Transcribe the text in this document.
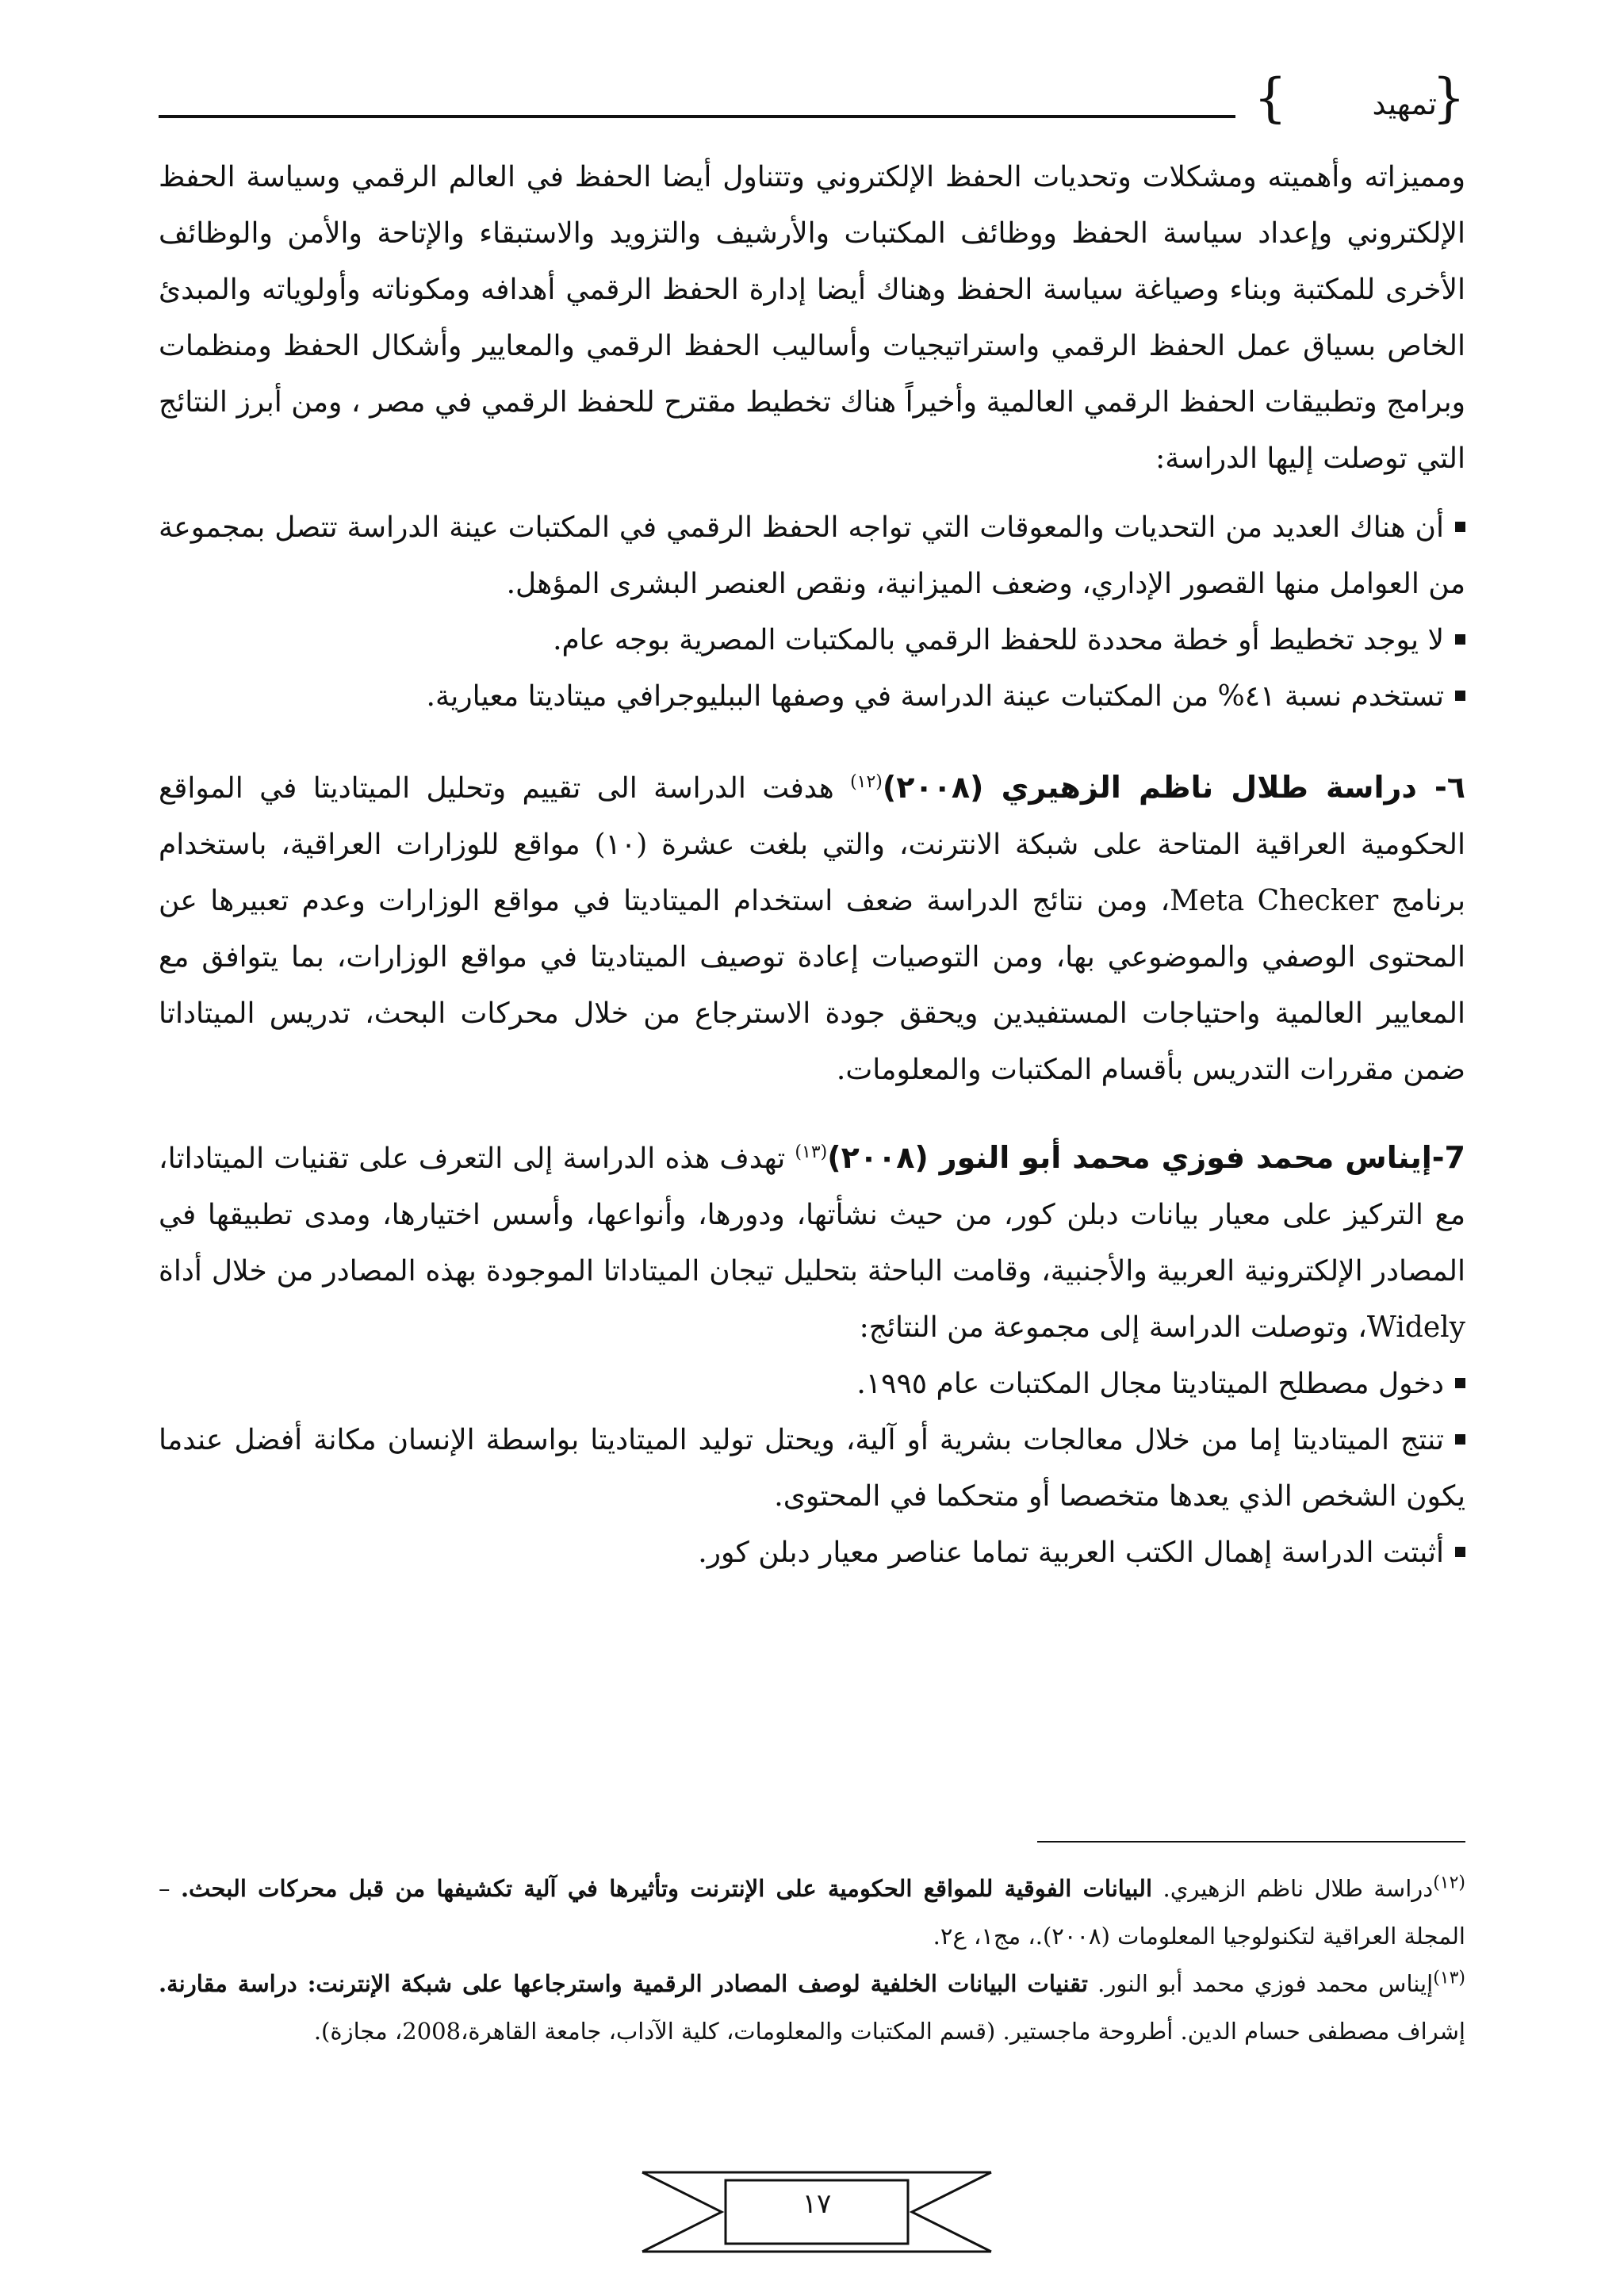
{
تمهيد
}

ومميزاته وأهميته ومشكلات وتحديات الحفظ الإلكتروني وتتناول أيضا الحفظ في العالم الرقمي وسياسة الحفظ الإلكتروني وإعداد سياسة الحفظ ووظائف المكتبات والأرشيف والتزويد والاستبقاء والإتاحة والأمن والوظائف الأخرى للمكتبة وبناء وصياغة سياسة الحفظ وهناك أيضا إدارة الحفظ الرقمي أهدافه ومكوناته وأولوياته والمبدئ الخاص بسياق عمل الحفظ الرقمي واستراتيجيات وأساليب الحفظ الرقمي والمعايير وأشكال الحفظ ومنظمات وبرامج وتطبيقات الحفظ الرقمي العالمية وأخيراً هناك تخطيط مقترح للحفظ الرقمي في مصر ، ومن أبرز النتائج التي توصلت إليها الدراسة:

أن هناك العديد من التحديات والمعوقات التي تواجه الحفظ الرقمي في المكتبات عينة الدراسة تتصل بمجموعة من العوامل منها القصور الإداري، وضعف الميزانية، ونقص العنصر البشرى المؤهل.
لا يوجد تخطيط أو خطة محددة للحفظ الرقمي بالمكتبات المصرية بوجه عام.
تستخدم نسبة ٤١% من المكتبات عينة الدراسة في وصفها الببليوجرافي ميتاديتا معيارية.

٦- دراسة طلال ناظم الزهيري (٢٠٠٨)$^{(١٢)}$ هدفت الدراسة الى تقييم وتحليل الميتاديتا في المواقع الحكومية العراقية المتاحة على شبكة الانترنت، والتي بلغت عشرة (١٠) مواقع للوزارات العراقية، باستخدام برنامج Meta Checker، ومن نتائج الدراسة ضعف استخدام الميتاديتا في مواقع الوزارات وعدم تعبيرها عن المحتوى الوصفي والموضوعي بها، ومن التوصيات إعادة توصيف الميتاديتا في مواقع الوزارات، بما يتوافق مع المعايير العالمية واحتياجات المستفيدين ويحقق جودة الاسترجاع من خلال محركات البحث، تدريس الميتاداتا ضمن مقررات التدريس بأقسام المكتبات والمعلومات.

7-إيناس محمد فوزي محمد أبو النور (٢٠٠٨)$^{(١٣)}$ تهدف هذه الدراسة إلى التعرف على تقنيات الميتاداتا، مع التركيز على معيار بيانات دبلن كور، من حيث نشأتها، ودورها، وأنواعها، وأسس اختيارها، ومدى تطبيقها في المصادر الإلكترونية العربية والأجنبية، وقامت الباحثة بتحليل تيجان الميتاداتا الموجودة بهذه المصادر من خلال أداة Widely، وتوصلت الدراسة إلى مجموعة من النتائج:

دخول مصطلح الميتاديتا مجال المكتبات عام ١٩٩٥.
تنتج الميتاديتا إما من خلال معالجات بشرية أو آلية، ويحتل توليد الميتاديتا بواسطة الإنسان مكانة أفضل عندما يكون الشخص الذي يعدها متخصصا أو متحكما في المحتوى.
أثبتت الدراسة إهمال الكتب العربية تماما عناصر معيار دبلن كور.

$^{(١٢)}$دراسة طلال ناظم الزهيري. البيانات الفوقية للمواقع الحكومية على الإنترنت وتأثيرها في آلية تكشيفها من قبل محركات البحث. – المجلة العراقية لتكنولوجيا المعلومات (٢٠٠٨).، مج١، ع٢.

$^{(١٣)}$إيناس محمد فوزي محمد أبو النور. تقنيات البيانات الخلفية لوصف المصادر الرقمية واسترجاعها على شبكة الإنترنت: دراسة مقارنة. إشراف مصطفى حسام الدين. أطروحة ماجستير. (قسم المكتبات والمعلومات، كلية الآداب، جامعة القاهرة،2008، مجازة).

١٧
